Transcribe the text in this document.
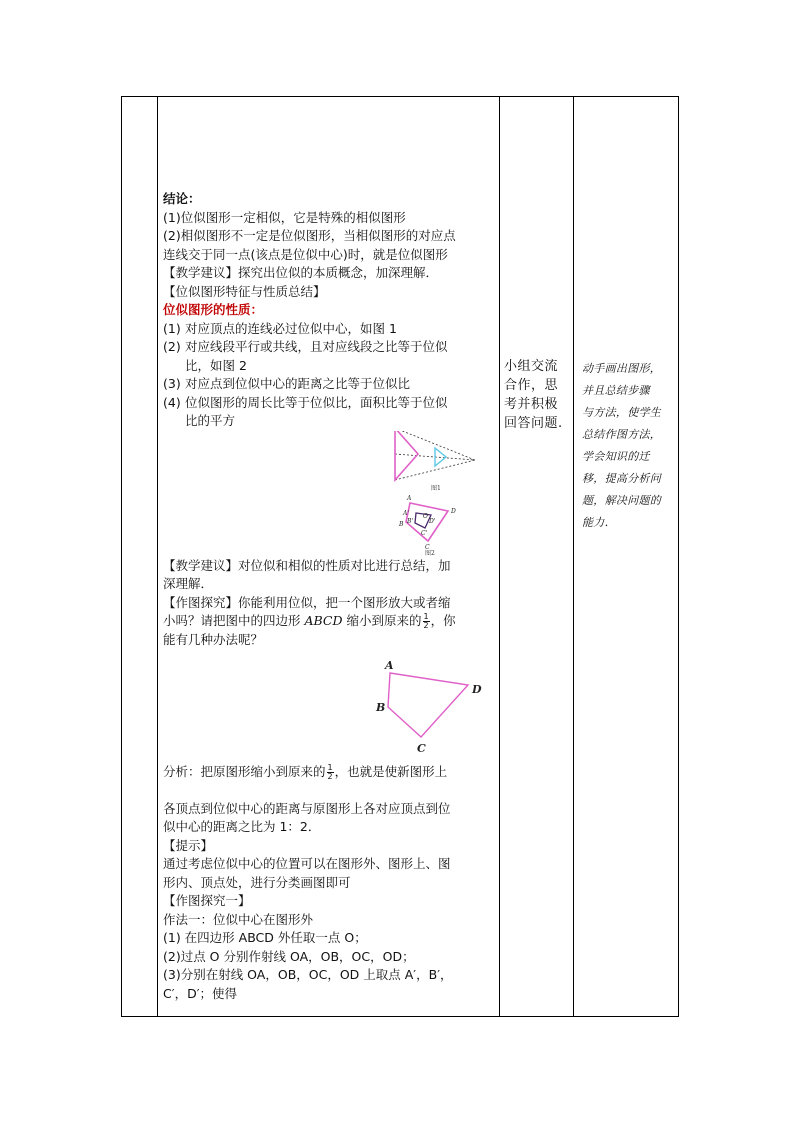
结论：

(1)位似图形一定相似，它是特殊的相似图形

(2)相似图形不一定是位似图形，当相似图形的对应点

连线交于同一点(该点是位似中心)时，就是位似图形

【教学建议】探究出位似的本质概念，加深理解．

【位似图形特征与性质总结】

位似图形的性质：

(1) 对应顶点的连线必过位似中心，如图 1
(2) 对应线段平行或共线，且对应线段之比等于位似
比，如图 2
(3) 对应点到位似中心的距离之比等于位似比
(4) 位似图形的周长比等于位似比，面积比等于位似
比的平方
图1
A
A'
B B'
O
C'
C
D'
D
图2

【教学建议】对位似和相似的性质对比进行总结，加

深理解．

【作图探究】你能利用位似，把一个图形放大或者缩

小吗？请把图中的四边形 ABCD 缩小到原来的 $\frac{1}{2}$ ，你

能有几种办法呢？

A
B
C
D

分析：把原图形缩小到原来的 $\frac{1}{2}$ ，也就是使新图形上

各顶点到位似中心的距离与原图形上各对应顶点到位

似中心的距离之比为 1：2．

【提示】

通过考虑位似中心的位置可以在图形外、图形上、图

形内、顶点处，进行分类画图即可

【作图探究一】

作法一：位似中心在图形外

(1) 在四边形 ABCD 外任取一点 O；

(2)过点 O 分别作射线 OA，OB，OC，OD；

(3)分别在射线 OA，OB，OC，OD 上取点 A′，B′，

C′，D′；使得

小组交流
合作，思
考并积极
回答问题.
动手画出图形，
并且总结步骤
与方法，使学生
总结作图方法，
学会知识的迁
移，提高分析问
题，解决问题的
能力．
